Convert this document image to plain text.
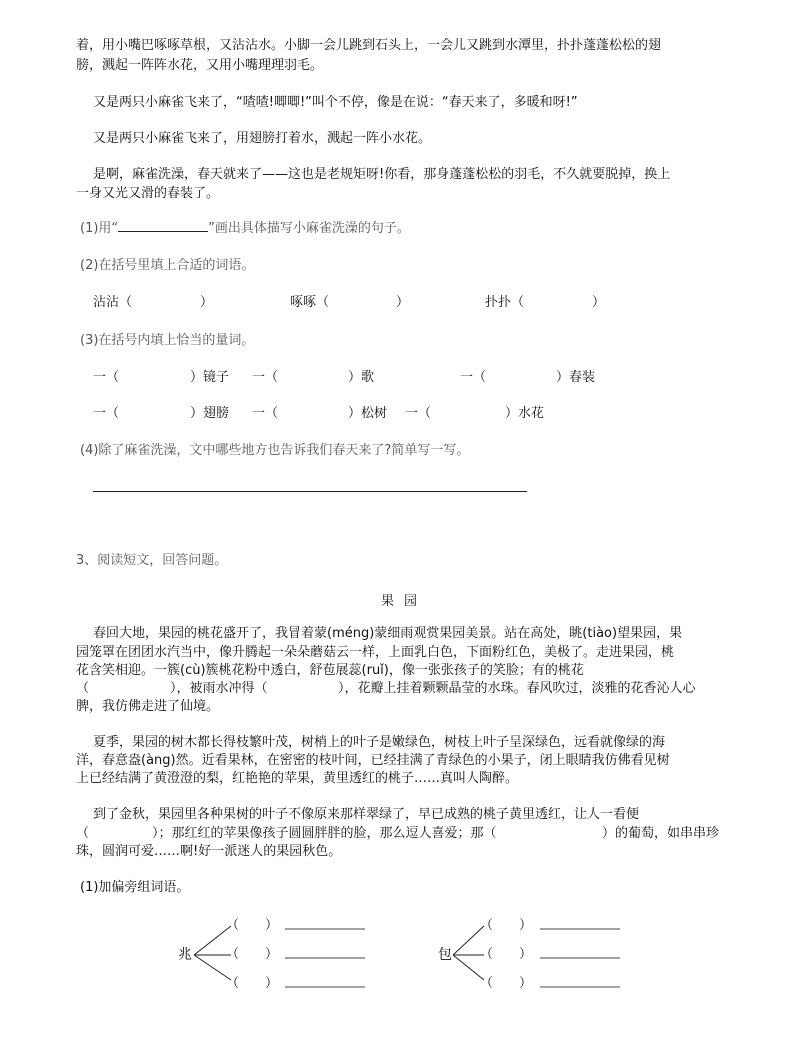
着，用小嘴巴啄啄草根，又沾沾水。小脚一会儿跳到石头上，一会儿又跳到水潭里，扑扑蓬蓬松松的翅
膀，溅起一阵阵水花，又用小嘴理理羽毛。
又是两只小麻雀飞来了，“喳喳!唧唧!”叫个不停，像是在说：“春天来了，多暖和呀!”
又是两只小麻雀飞来了，用翅膀打着水，溅起一阵小水花。
是啊，麻雀洗澡，春天就来了——这也是老规矩呀!你看，那身蓬蓬松松的羽毛，不久就要脱掉，换上
一身又光又滑的春装了。
(1)用“	”画出具体描写小麻雀洗澡的句子。
(2)在括号里填上合适的词语。
沾沾（	）	啄啄（	）	扑扑（	）
(3)在括号内填上恰当的量词。
一（	）镜子 一（	）歌	一（	）春装
一（	）翅膀 一（	）松树 一（	）水花
(4)除了麻雀洗澡，文中哪些地方也告诉我们春天来了?简单写一写。
3、阅读短文，回答问题。
果园
春回大地，果园的桃花盛开了，我冒着蒙(méng)蒙细雨观赏果园美景。站在高处，眺(tiào)望果园，果
园笼罩在团团水汽当中，像升腾起一朵朵蘑菇云一样，上面乳白色，下面粉红色，美极了。走进果园，桃
花含笑相迎。一簇(cù)簇桃花粉中透白，舒苞展蕊(ruǐ)，像一张张孩子的笑脸；有的桃花
（	），被雨水冲得（	），花瓣上挂着颗颗晶莹的水珠。春风吹过，淡雅的花香沁人心
脾，我仿佛走进了仙境。
夏季，果园的树木都长得枝繁叶茂，树梢上的叶子是嫩绿色，树枝上叶子呈深绿色，远看就像绿的海
洋，春意盎(àng)然。近看果林，在密密的枝叶间，已经挂满了青绿色的小果子，闭上眼睛我仿佛看见树
上已经结满了黄澄澄的梨，红艳艳的苹果，黄里透红的桃子……真叫人陶醉。
到了金秋，果园里各种果树的叶子不像原来那样翠绿了，早已成熟的桃子黄里透红，让人一看便
（	）；那红红的苹果像孩子圆圆胖胖的脸，那么逗人喜爱；那（	）的葡萄，如串串珍
珠，圆润可爱……啊!好一派迷人的果园秋色。
(1)加偏旁组词语。
兆
（　　）
（　　）
（　　）
包
（　　）
（　　）
（　　）
